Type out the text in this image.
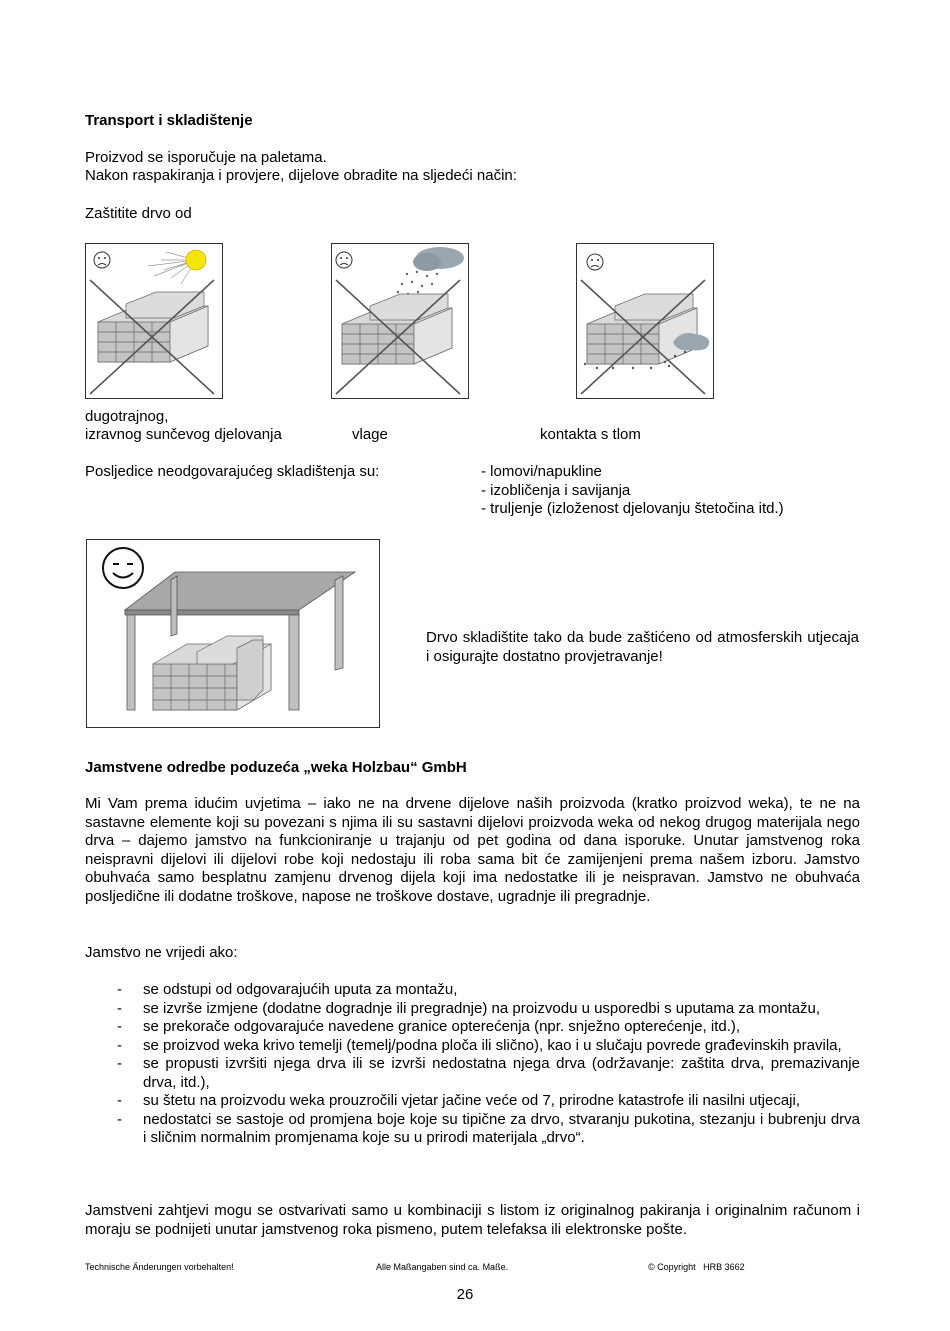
Transport i skladištenje
Proizvod se isporučuje na paletama.
Nakon raspakiranja i provjere, dijelove obradite na sljedeći način:
Zaštitite drvo od
dugotrajnog,
izravnog sunčevog djelovanja	vlage	kontakta s tlom
Posljedice neodgovarajućeg skladištenja su:	- lomovi/napukline
- izobličenja i savijanja
- truljenje (izloženost djelovanju štetočina itd.)
Drvo skladištite tako da bude zaštićeno od atmosferskih utjecaja i osigurajte dostatno provjetravanje!
Jamstvene odredbe poduzeća „weka Holzbau“ GmbH
Mi Vam prema idućim uvjetima – iako ne na drvene dijelove naših proizvoda (kratko proizvod weka), te ne na sastavne elemente koji su povezani s njima ili su sastavni dijelovi proizvoda weka od nekog drugog materijala nego drva – dajemo jamstvo na funkcioniranje u trajanju od pet godina od dana isporuke. Unutar jamstvenog roka neispravni dijelovi ili dijelovi robe koji nedostaju ili roba sama bit će zamijenjeni prema našem izboru. Jamstvo obuhvaća samo besplatnu zamjenu drvenog dijela koji ima nedostatke ili je neispravan. Jamstvo ne obuhvaća posljedične ili dodatne troškove, napose ne troškove dostave, ugradnje ili pregradnje.
Jamstvo ne vrijedi ako:
- se odstupi od odgovarajućih uputa za montažu,
- se izvrše izmjene (dodatne dogradnje ili pregradnje) na proizvodu u usporedbi s uputama za montažu,
- se prekorače odgovarajuće navedene granice opterećenja (npr. snježno opterećenje, itd.),
- se proizvod weka krivo temelji (temelj/podna ploča ili slično), kao i u slučaju povrede građevinskih pravila,
- se propusti izvršiti njega drva ili se izvrši nedostatna njega drva (održavanje: zaštita drva, premazivanje drva, itd.),
- su štetu na proizvodu weka prouzročili vjetar jačine veće od 7, prirodne katastrofe ili nasilni utjecaji,
- nedostatci se sastoje od promjena boje koje su tipične za drvo, stvaranju pukotina, stezanju i bubrenju drva i sličnim normalnim promjenama koje su u prirodi materijala „drvo“.
Jamstveni zahtjevi mogu se ostvarivati samo u kombinaciji s listom iz originalnog pakiranja i originalnim računom i moraju se podnijeti unutar jamstvenog roka pismeno, putem telefaksa ili elektronske pošte.
Technische Änderungen vorbehalten!	Alle Maßangaben sind ca. Maße.	© Copyright   HRB 3662
26
